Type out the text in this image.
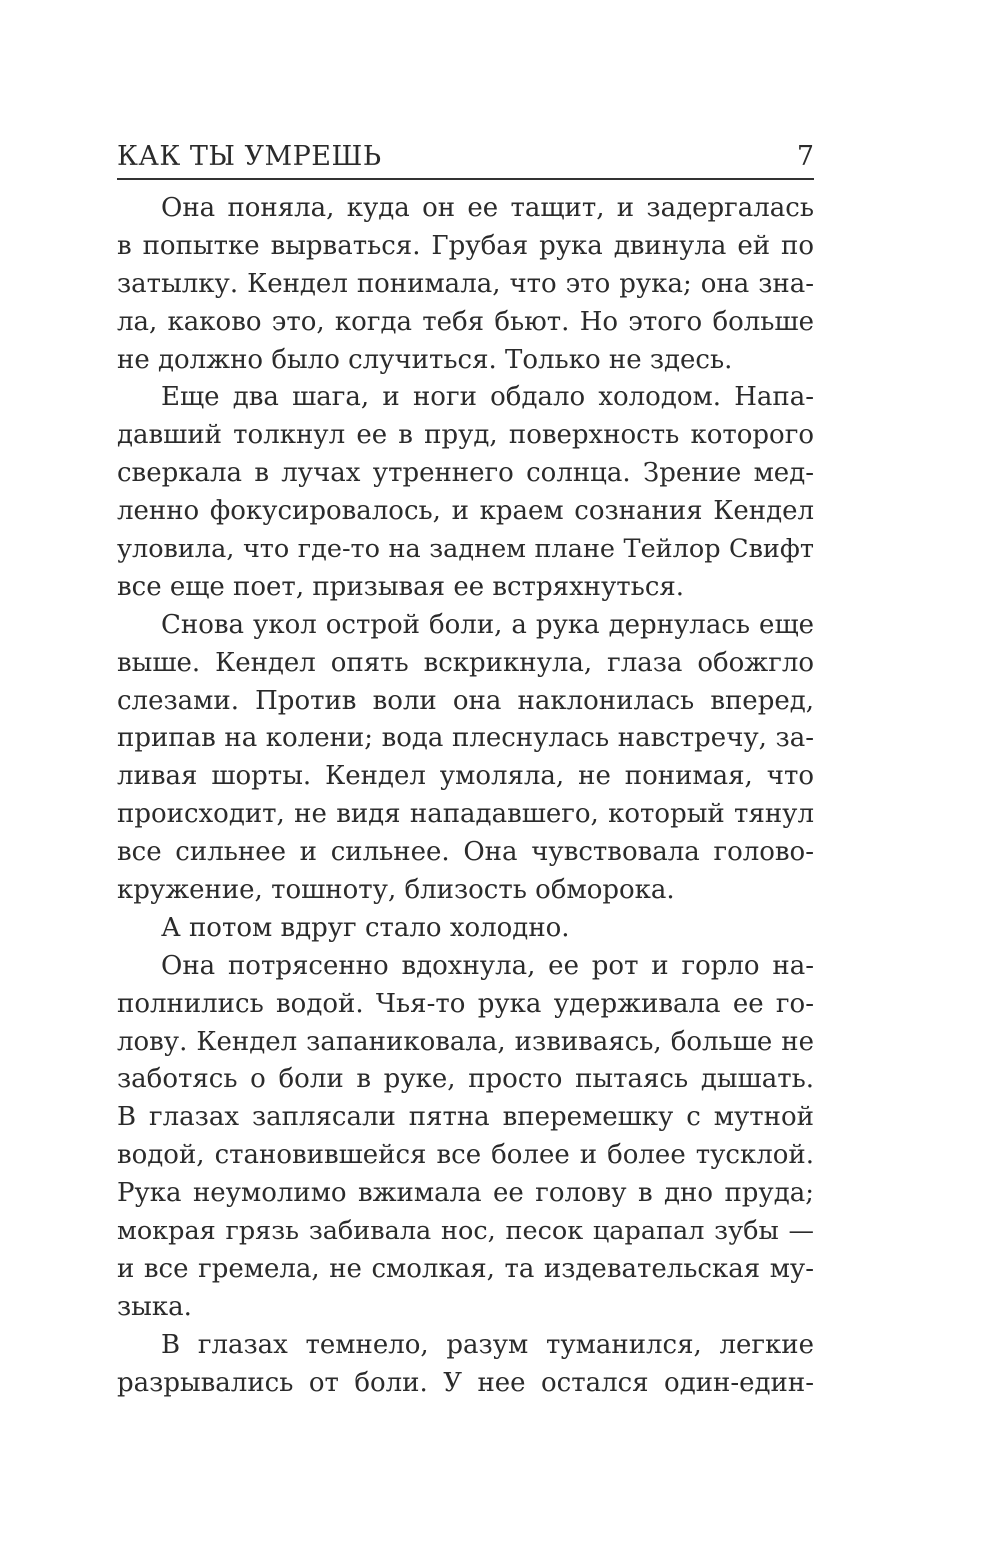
КАК ТЫ УМРЕШЬ	7
Она поняла, куда он ее тащит, и задергалась
в попытке вырваться. Грубая рука двинула ей по
затылку. Кендел понимала, что это рука; она зна-
ла, каково это, когда тебя бьют. Но этого больше
не должно было случиться. Только не здесь.
Еще два шага, и ноги обдало холодом. Напа-
давший толкнул ее в пруд, поверхность которого
сверкала в лучах утреннего солнца. Зрение мед-
ленно фокусировалось, и краем сознания Кендел
уловила, что где-то на заднем плане Тейлор Свифт
все еще поет, призывая ее встряхнуться.
Снова укол острой боли, а рука дернулась еще
выше. Кендел опять вскрикнула, глаза обожгло
слезами. Против воли она наклонилась вперед,
припав на колени; вода плеснулась навстречу, за-
ливая шорты. Кендел умоляла, не понимая, что
происходит, не видя нападавшего, который тянул
все сильнее и сильнее. Она чувствовала голово-
кружение, тошноту, близость обморока.
А потом вдруг стало холодно.
Она потрясенно вдохнула, ее рот и горло на-
полнились водой. Чья-то рука удерживала ее го-
лову. Кендел запаниковала, извиваясь, больше не
заботясь о боли в руке, просто пытаясь дышать.
В глазах заплясали пятна вперемешку с мутной
водой, становившейся все более и более тусклой.
Рука неумолимо вжимала ее голову в дно пруда;
мокрая грязь забивала нос, песок царапал зубы —
и все гремела, не смолкая, та издевательская му-
зыка.
В глазах темнело, разум туманился, легкие
разрывались от боли. У нее остался один-един-
